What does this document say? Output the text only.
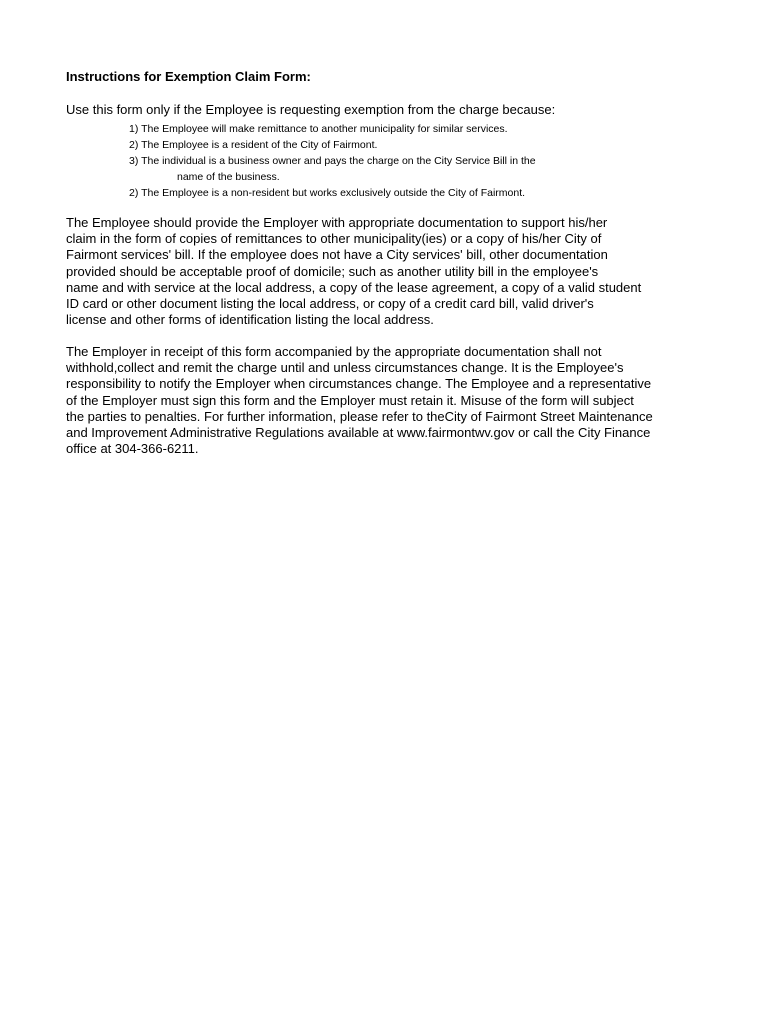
Instructions for Exemption Claim Form:
Use this form only if the Employee is requesting exemption from the charge because:
1) The Employee will make remittance to another municipality for similar services.
2) The Employee is a resident of the City of Fairmont.
3) The individual is a business owner and pays the charge on the City Service Bill in the
name of the business.
2) The Employee is a non-resident but works exclusively outside the City of Fairmont.
The Employee should provide the Employer with appropriate documentation to support his/her
claim in the form of copies of remittances to other municipality(ies) or a copy of his/her City of
Fairmont services' bill. If the employee does not have a City services' bill, other documentation
provided should be acceptable proof of domicile; such as another utility bill in the employee's
name and with service at the local address, a copy of the lease agreement, a copy of a valid student
ID card or other document listing the local address, or copy of a credit card bill, valid driver's
license and other forms of identification listing the local address.
The Employer in receipt of this form accompanied by the appropriate documentation shall not
withhold,collect and remit the charge until and unless circumstances change. It is the Employee's
responsibility to notify the Employer when circumstances change. The Employee and a representative
of the Employer must sign this form and the Employer must retain it. Misuse of the form will subject
the parties to penalties. For further information, please refer to theCity of Fairmont Street Maintenance
and Improvement Administrative Regulations available at www.fairmontwv.gov or call the City Finance
office at 304-366-6211.
